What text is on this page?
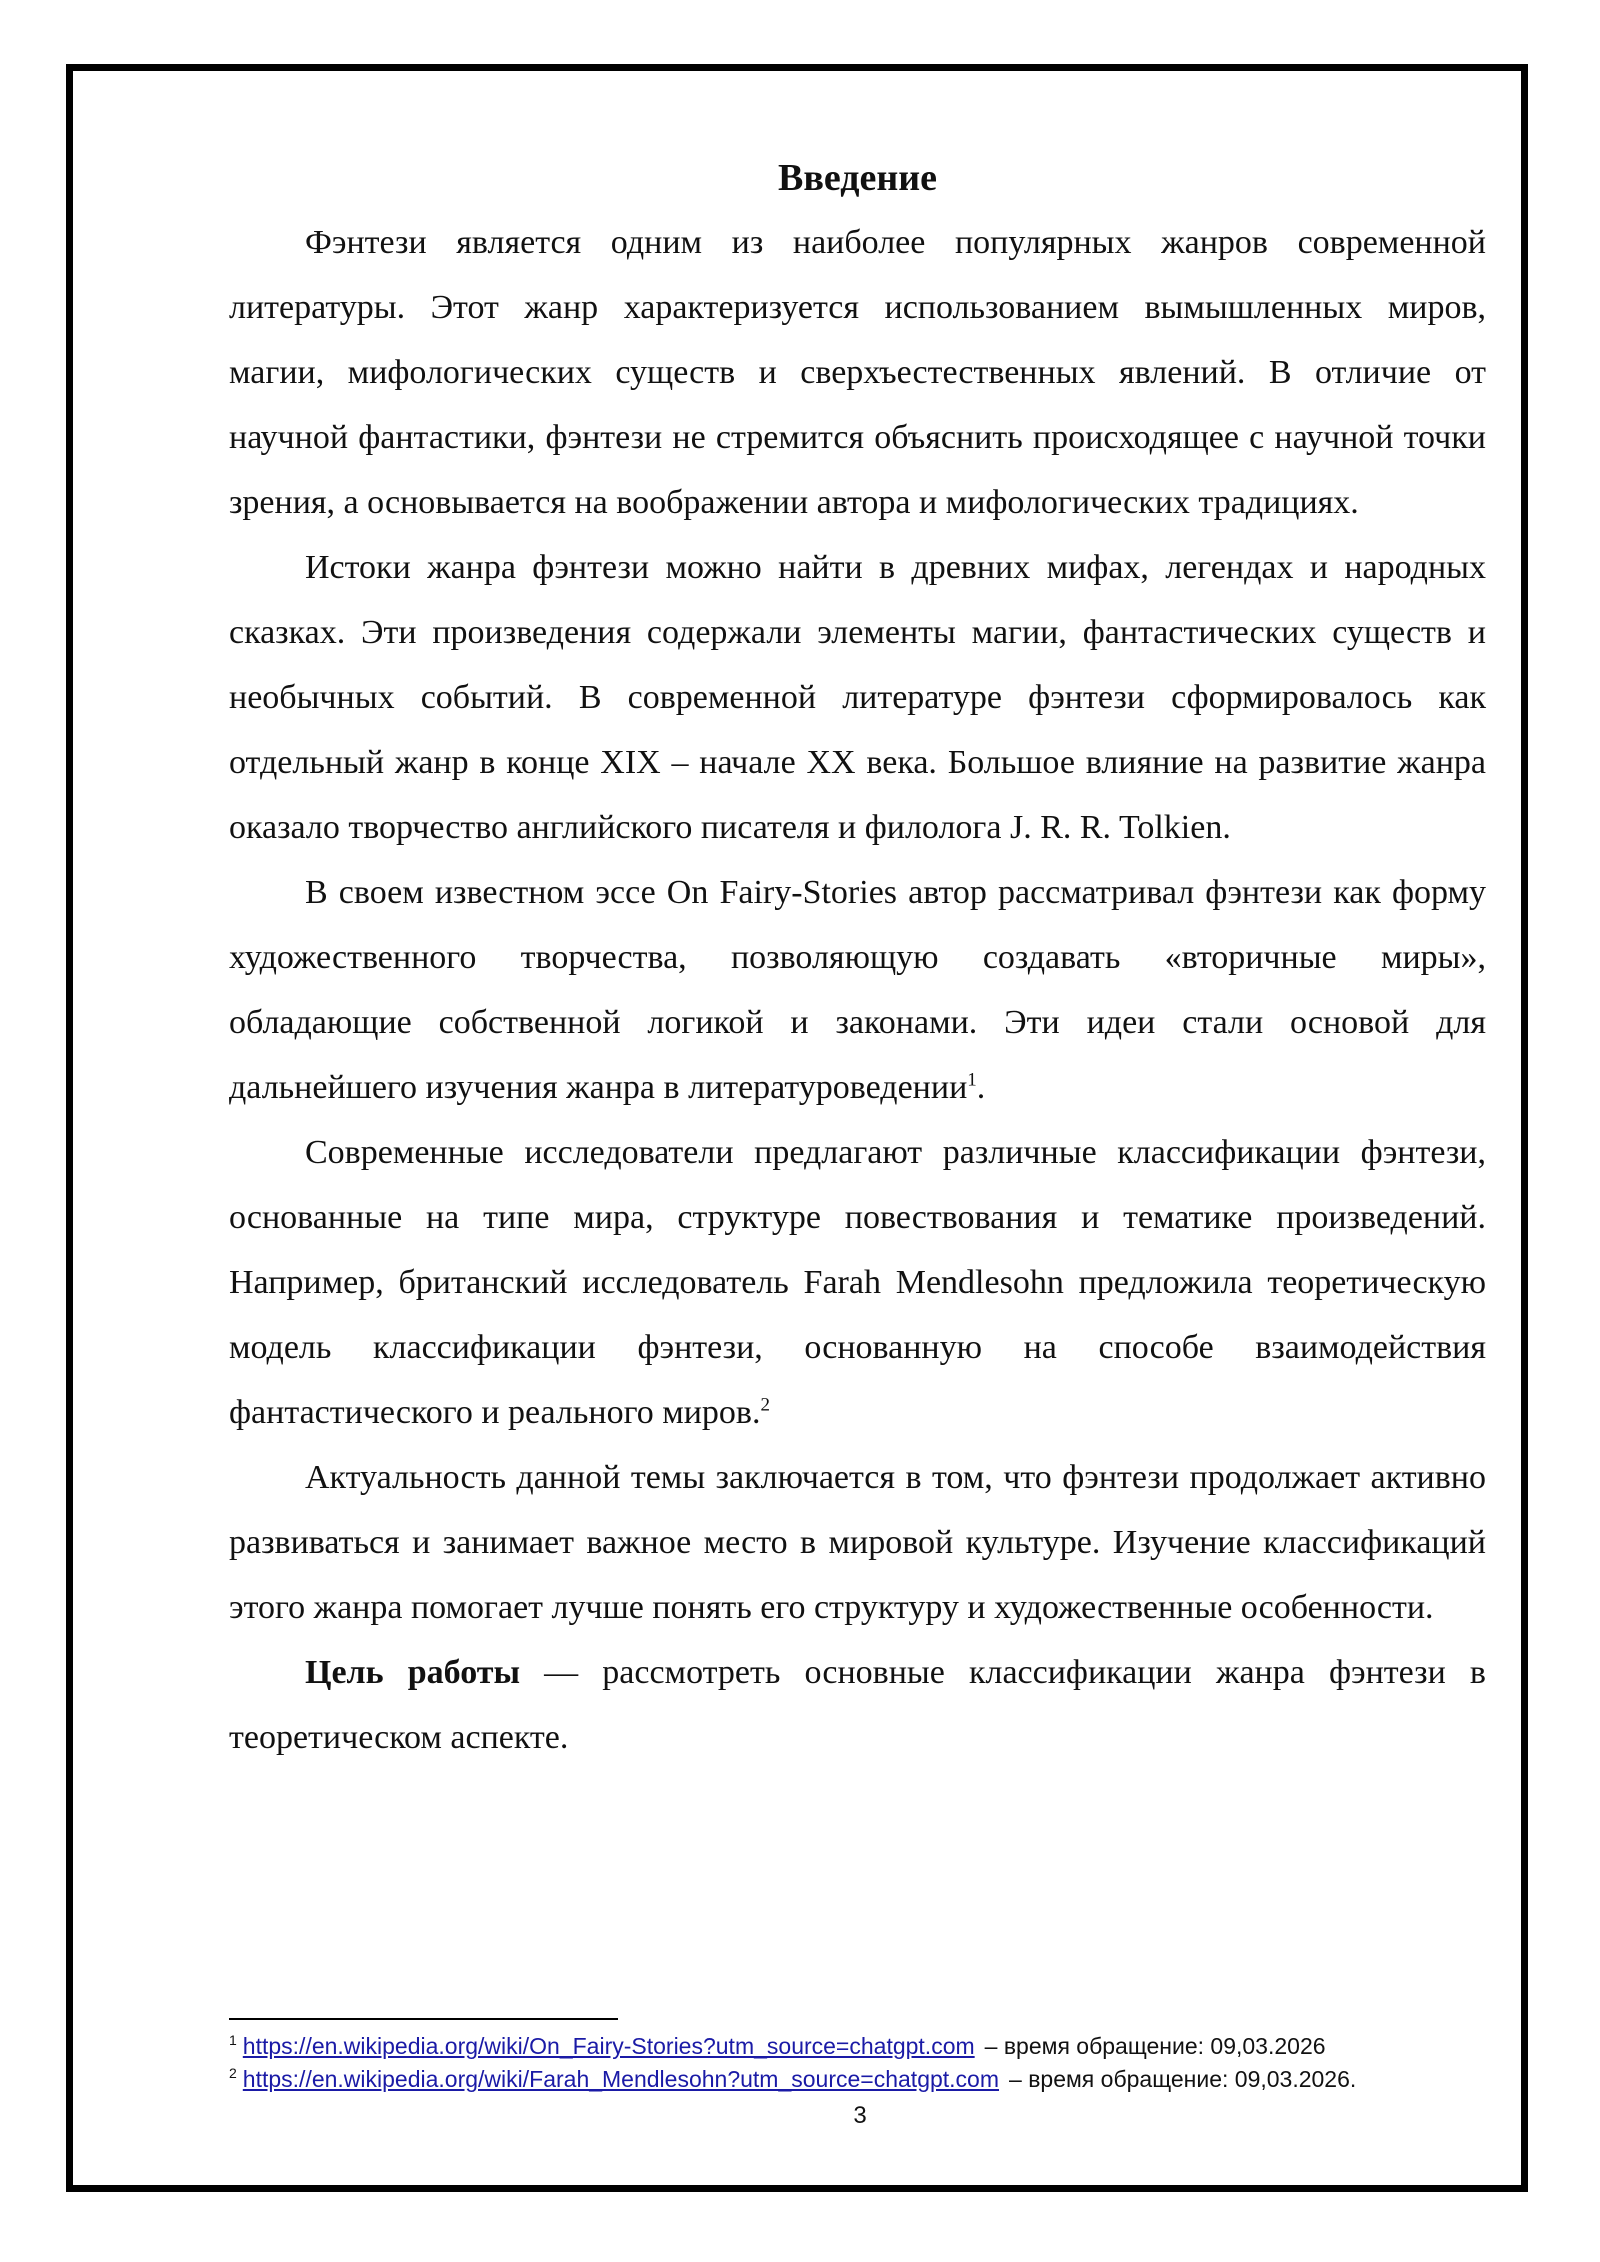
Введение

Фэнтези является одним из наиболее популярных жанров современной литературы. Этот жанр характеризуется использованием вымышленных миров, магии, мифологических существ и сверхъестественных явлений. В отличие от научной фантастики, фэнтези не стремится объяснить происходящее с научной точки зрения, а основывается на воображении автора и мифологических традициях.

Истоки жанра фэнтези можно найти в древних мифах, легендах и народных сказках. Эти произведения содержали элементы магии, фантастических существ и необычных событий. В современной литературе фэнтези сформировалось как отдельный жанр в конце XIX – начале XX века. Большое влияние на развитие жанра оказало творчество английского писателя и филолога J. R. R. Tolkien.

В своем известном эссе On Fairy-Stories автор рассматривал фэнтези как форму художественного творчества, позволяющую создавать «вторичные миры», обладающие собственной логикой и законами. Эти идеи стали основой для дальнейшего изучения жанра в литературоведении$^1$.

Современные исследователи предлагают различные классификации фэнтези, основанные на типе мира, структуре повествования и тематике произведений. Например, британский исследователь Farah Mendlesohn предложила теоретическую модель классификации фэнтези, основанную на способе взаимодействия фантастического и реального миров.$^2$

Актуальность данной темы заключается в том, что фэнтези продолжает активно развиваться и занимает важное место в мировой культуре. Изучение классификаций этого жанра помогает лучше понять его структуру и художественные особенности.

Цель работы — рассмотреть основные классификации жанра фэнтези в теоретическом аспекте.

$^1$ https://en.wikipedia.org/wiki/On_Fairy-Stories?utm_source=chatgpt.com – время обращение: 09,03.2026
$^2$ https://en.wikipedia.org/wiki/Farah_Mendlesohn?utm_source=chatgpt.com – время обращение: 09,03.2026.
3
